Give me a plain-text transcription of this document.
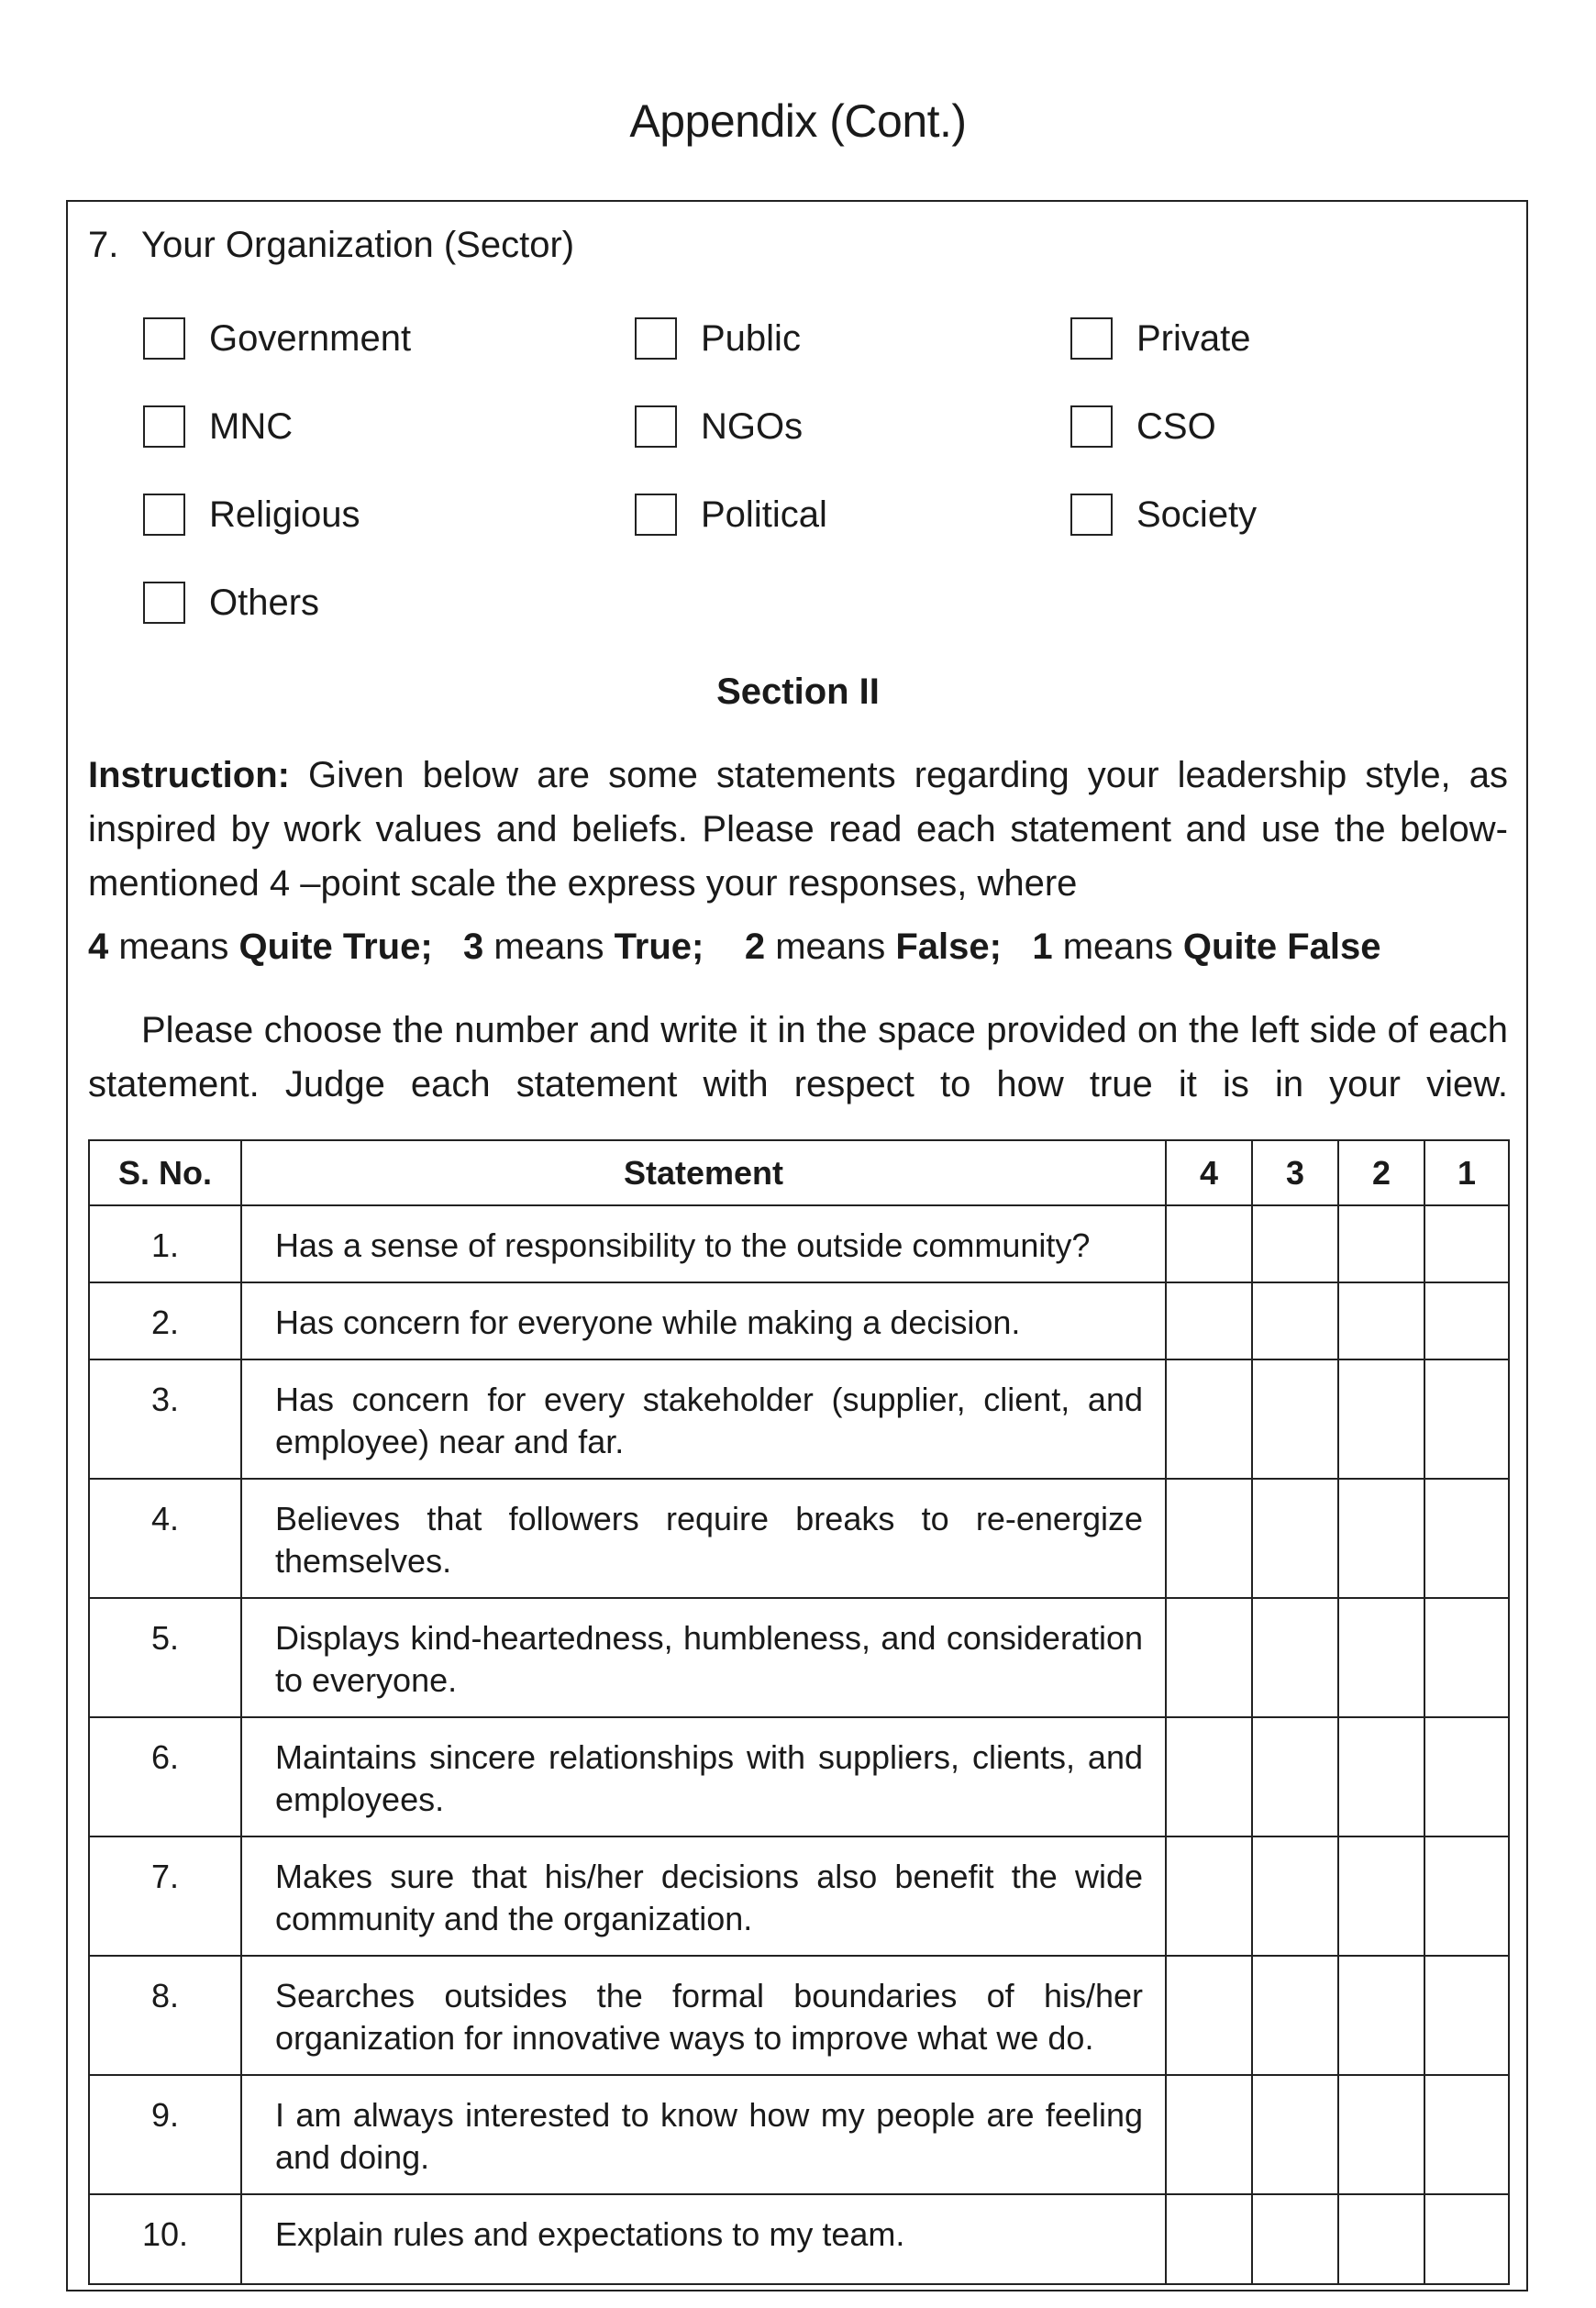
Appendix (Cont.)
7. Your Organization (Sector)
Government	Public	Private
MNC	NGOs	CSO
Religious	Political	Society
Others
Section II
Instruction: Given below are some statements regarding your leadership style, as inspired by work values and beliefs. Please read each statement and use the below-mentioned 4 –point scale the express your responses, where
4 means Quite True; 3 means True; 2 means False; 1 means Quite False
Please choose the number and write it in the space provided on the left side of each statement. Judge each statement with respect to how true it is in your view.
S. No.	Statement	4	3	2	1
1.	Has a sense of responsibility to the outside community?				
2.	Has concern for everyone while making a decision.				
3.	Has concern for every stakeholder (supplier, client, and employee) near and far.				
4.	Believes that followers require breaks to re-energize themselves.				
5.	Displays kind-heartedness, humbleness, and consideration to everyone.				
6.	Maintains sincere relationships with suppliers, clients, and employees.				
7.	Makes sure that his/her decisions also benefit the wide community and the organization.				
8.	Searches outsides the formal boundaries of his/her organization for innovative ways to improve what we do.				
9.	I am always interested to know how my people are feeling and doing.				
10.	Explain rules and expectations to my team.				
